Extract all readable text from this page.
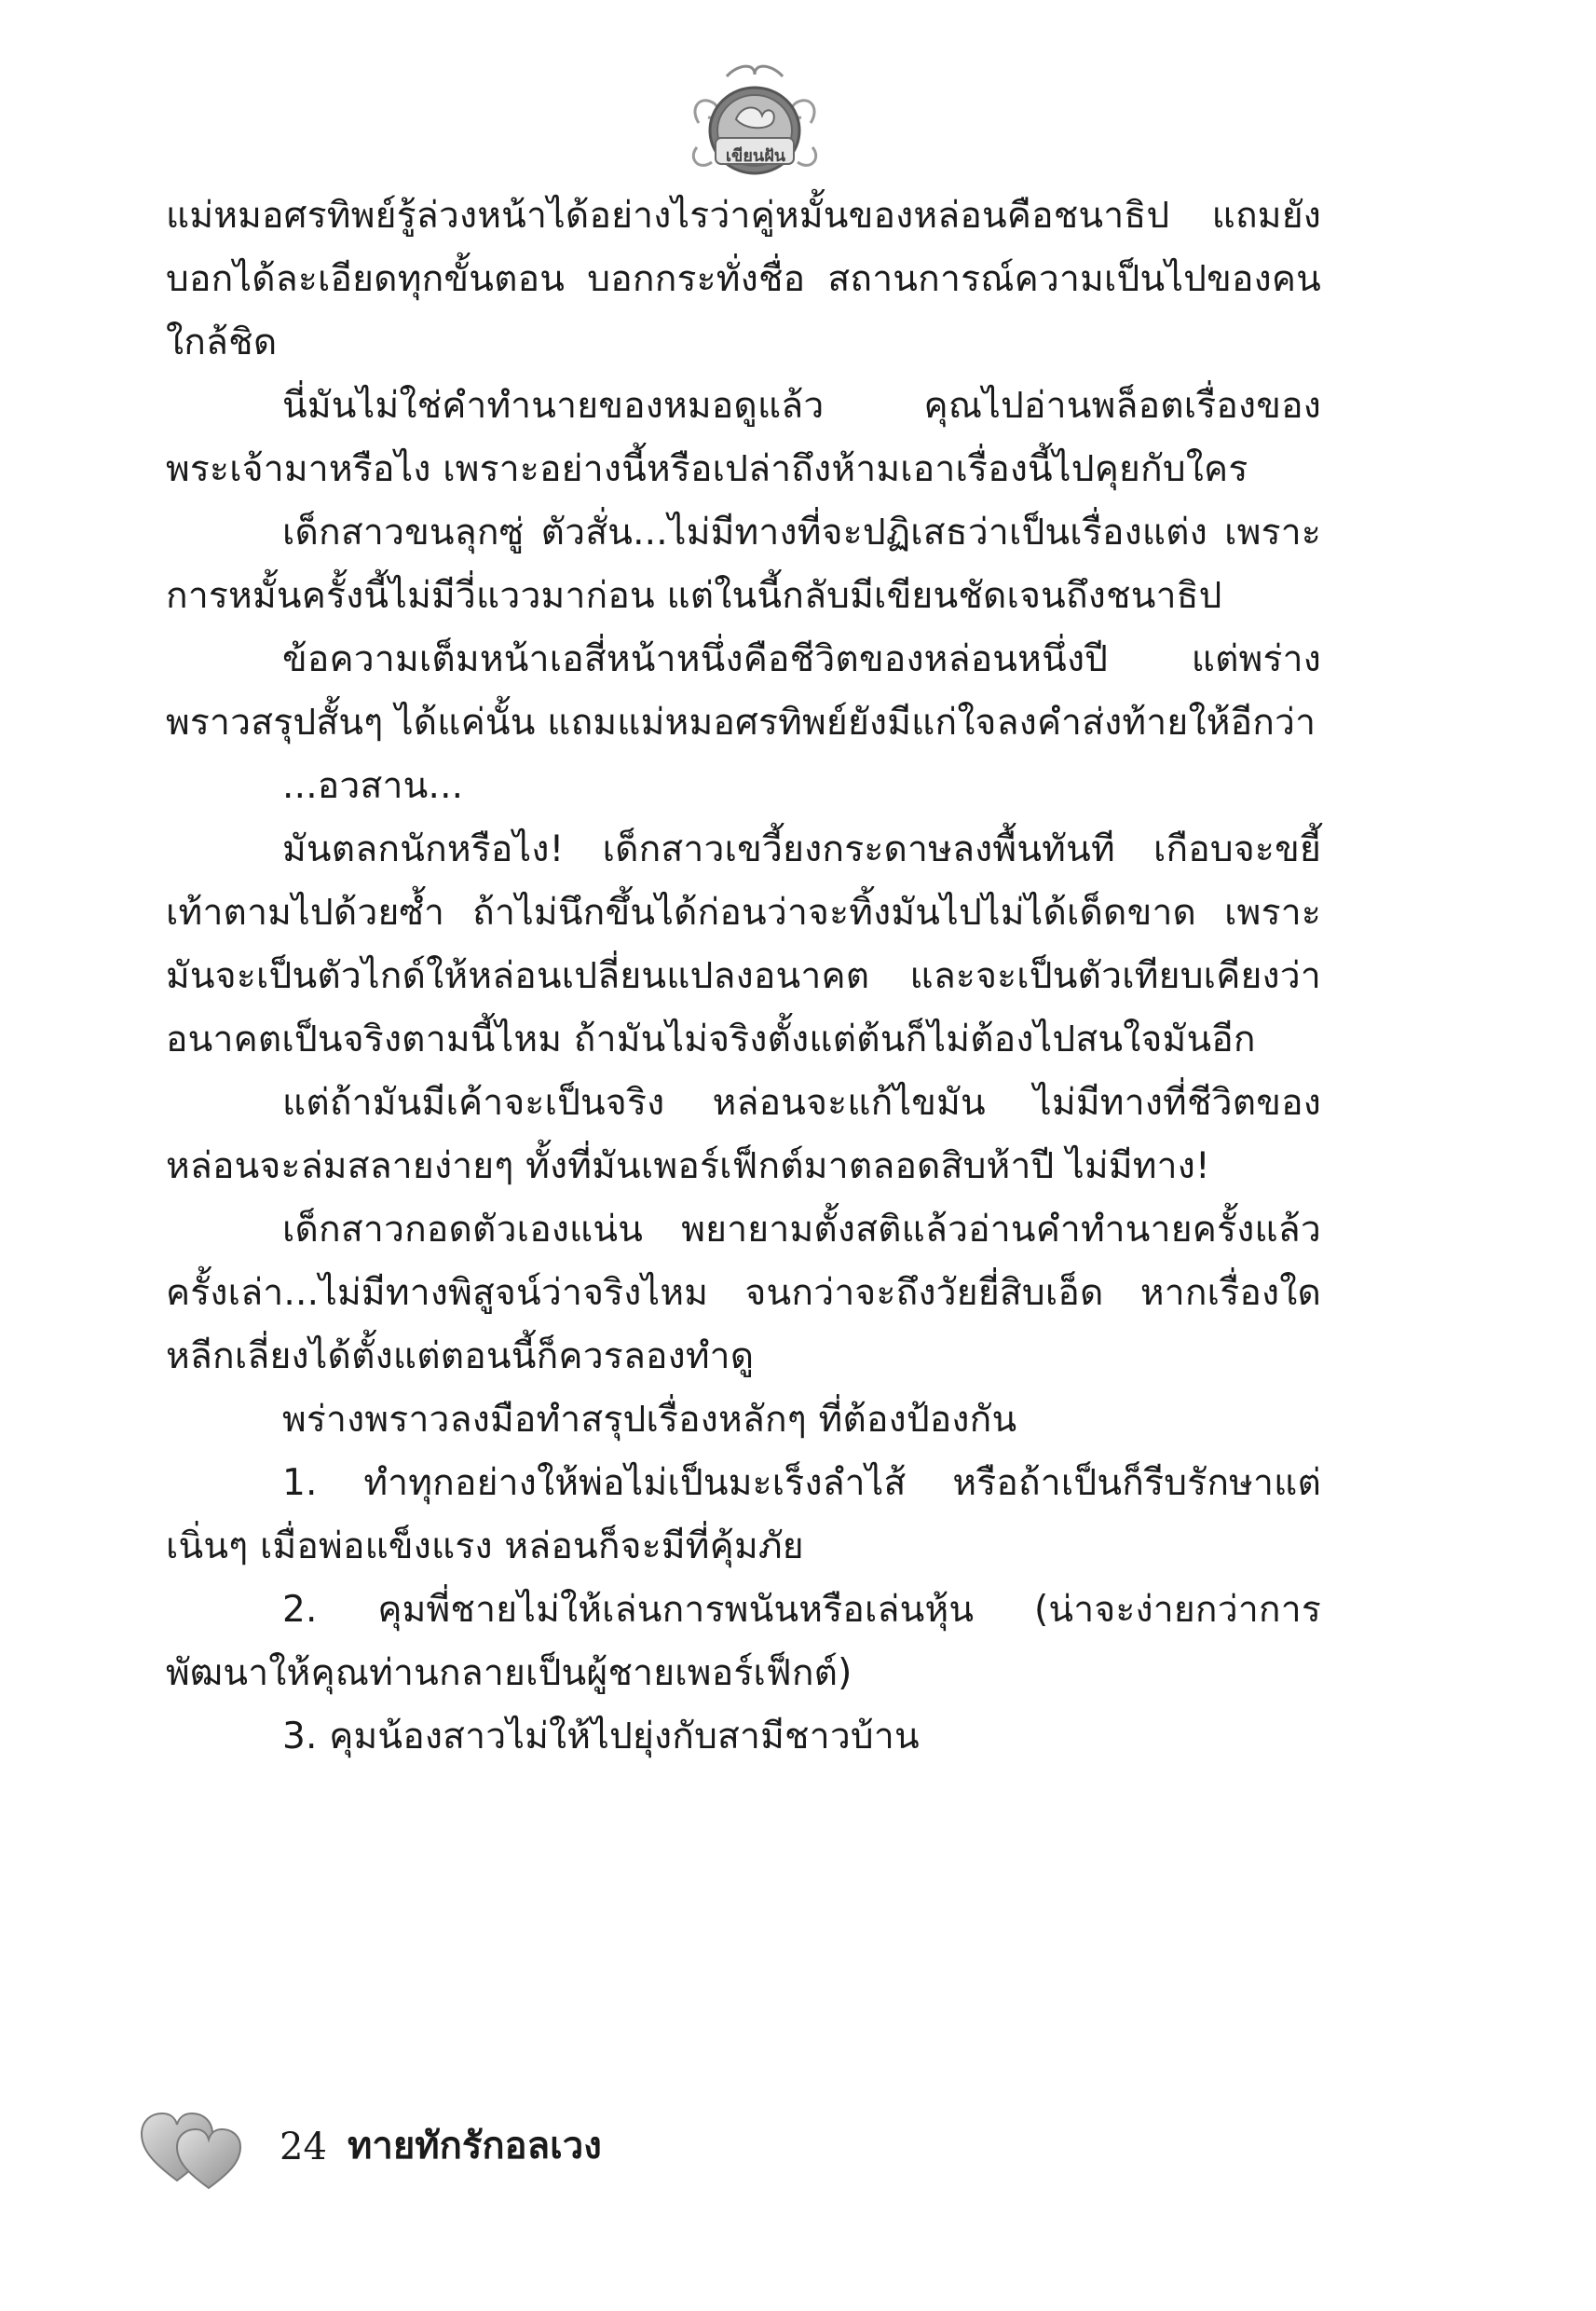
เขียนฝัน

แม่หมอศรทิพย์รู้ล่วงหน้าได้อย่างไรว่าคู่หมั้นของหล่อนคือชนาธิป แถมยังบอกได้ละเอียดทุกขั้นตอน บอกกระทั่งชื่อ สถานการณ์ความเป็นไปของคนใกล้ชิด

นี่มันไม่ใช่คำทำนายของหมอดูแล้ว คุณไปอ่านพล็อตเรื่องของพระเจ้ามาหรือไง เพราะอย่างนี้หรือเปล่าถึงห้ามเอาเรื่องนี้ไปคุยกับใคร

เด็กสาวขนลุกซู่ ตัวสั่น...ไม่มีทางที่จะปฏิเสธว่าเป็นเรื่องแต่ง เพราะการหมั้นครั้งนี้ไม่มีวี่แววมาก่อน แต่ในนี้กลับมีเขียนชัดเจนถึงชนาธิป

ข้อความเต็มหน้าเอสี่หน้าหนึ่งคือชีวิตของหล่อนหนึ่งปี แต่พร่างพราวสรุปสั้นๆ ได้แค่นั้น แถมแม่หมอศรทิพย์ยังมีแก่ใจลงคำส่งท้ายให้อีกว่า

...อวสาน...

มันตลกนักหรือไง! เด็กสาวเขวี้ยงกระดาษลงพื้นทันที เกือบจะขยี้เท้าตามไปด้วยซ้ำ ถ้าไม่นึกขึ้นได้ก่อนว่าจะทิ้งมันไปไม่ได้เด็ดขาด เพราะมันจะเป็นตัวไกด์ให้หล่อนเปลี่ยนแปลงอนาคต และจะเป็นตัวเทียบเคียงว่าอนาคตเป็นจริงตามนี้ไหม ถ้ามันไม่จริงตั้งแต่ต้นก็ไม่ต้องไปสนใจมันอีก

แต่ถ้ามันมีเค้าจะเป็นจริง หล่อนจะแก้ไขมัน ไม่มีทางที่ชีวิตของหล่อนจะล่มสลายง่ายๆ ทั้งที่มันเพอร์เฟ็กต์มาตลอดสิบห้าปี ไม่มีทาง!

เด็กสาวกอดตัวเองแน่น พยายามตั้งสติแล้วอ่านคำทำนายครั้งแล้วครั้งเล่า...ไม่มีทางพิสูจน์ว่าจริงไหม จนกว่าจะถึงวัยยี่สิบเอ็ด หากเรื่องใดหลีกเลี่ยงได้ตั้งแต่ตอนนี้ก็ควรลองทำดู

พร่างพราวลงมือทำสรุปเรื่องหลักๆ ที่ต้องป้องกัน

1. ทำทุกอย่างให้พ่อไม่เป็นมะเร็งลำไส้ หรือถ้าเป็นก็รีบรักษาแต่เนิ่นๆ เมื่อพ่อแข็งแรง หล่อนก็จะมีที่คุ้มภัย

2. คุมพี่ชายไม่ให้เล่นการพนันหรือเล่นหุ้น (น่าจะง่ายกว่าการพัฒนาให้คุณท่านกลายเป็นผู้ชายเพอร์เฟ็กต์)

3. คุมน้องสาวไม่ให้ไปยุ่งกับสามีชาวบ้าน

24 ทายทักรักอลเวง
